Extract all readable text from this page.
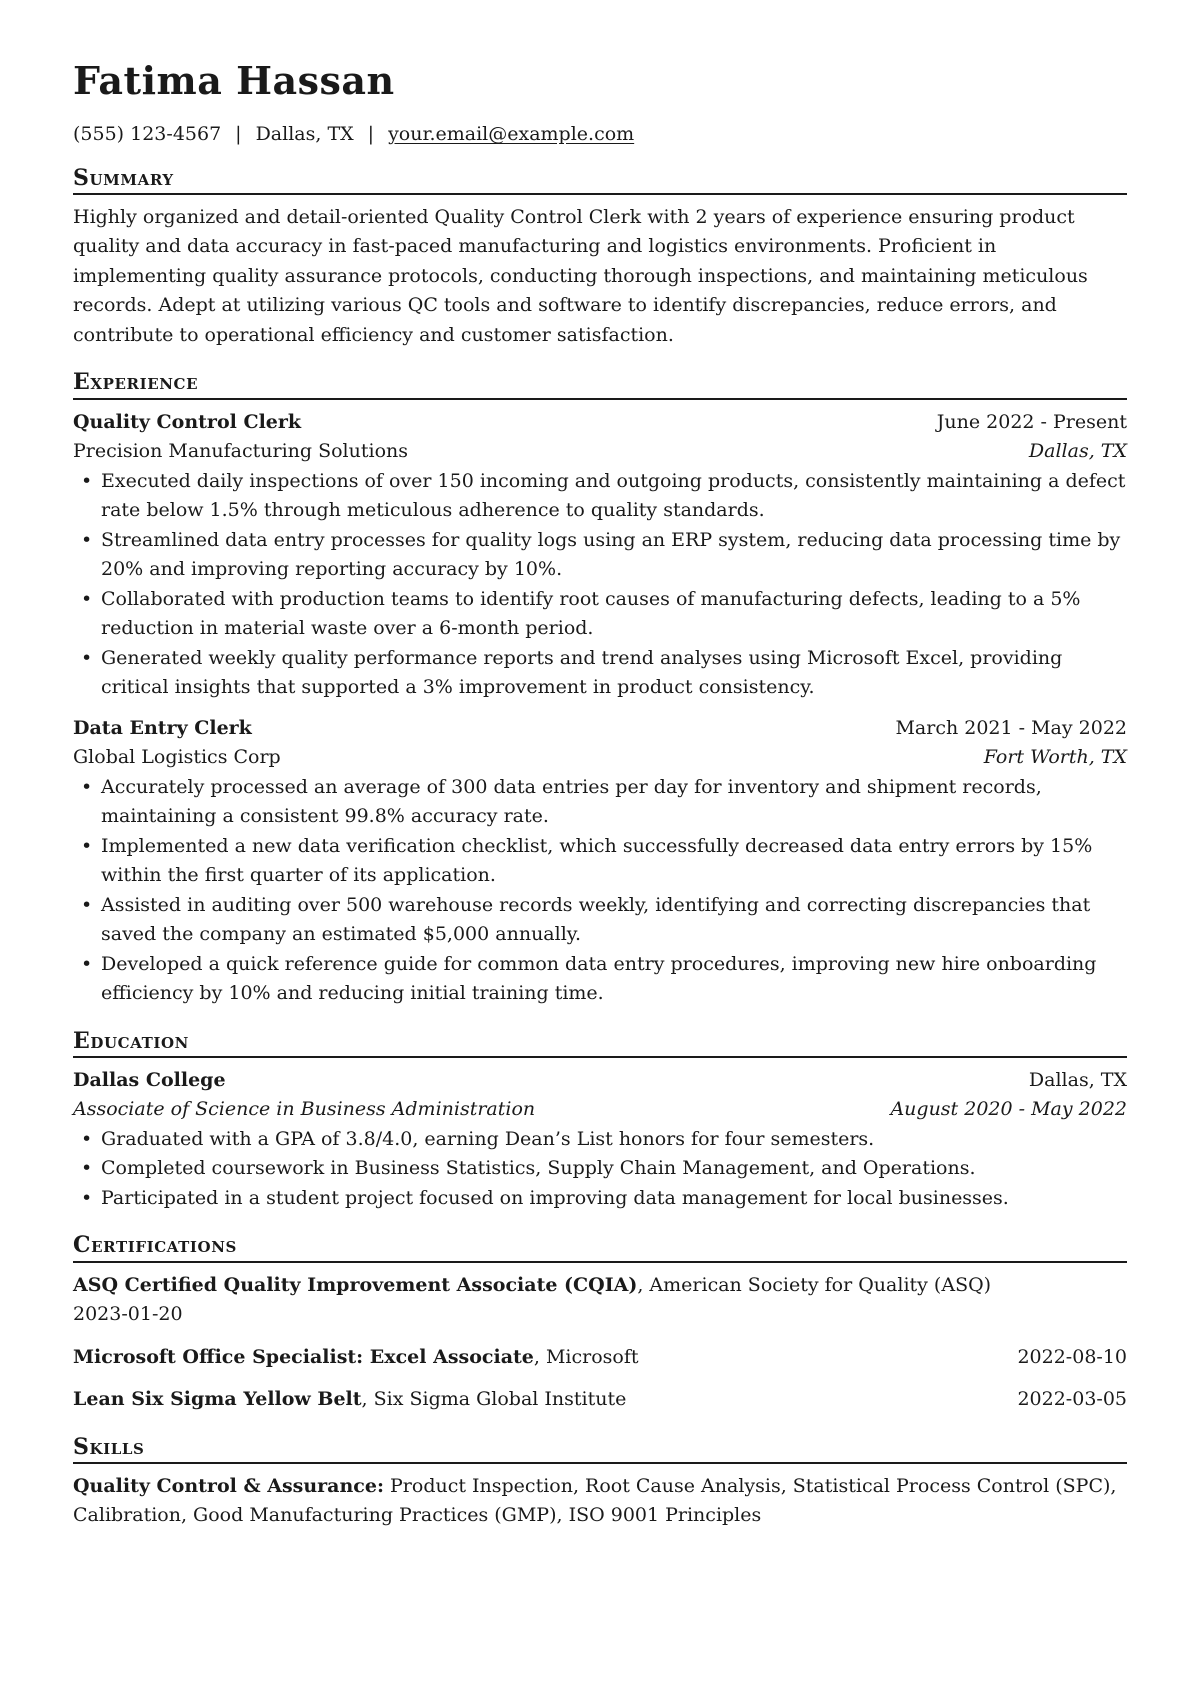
Fatima Hassan
(555) 123-4567 | Dallas, TX | your.email@example.com
Summary

Highly organized and detail-oriented Quality Control Clerk with 2 years of experience ensuring product quality and data accuracy in fast-paced manufacturing and logistics environments. Proficient in implementing quality assurance protocols, conducting thorough inspections, and maintaining meticulous records. Adept at utilizing various QC tools and software to identify discrepancies, reduce errors, and contribute to operational efficiency and customer satisfaction.

Experience
Quality Control Clerk	June 2022 - Present
Precision Manufacturing Solutions	Dallas, TX
• Executed daily inspections of over 150 incoming and outgoing products, consistently maintaining a defect rate below 1.5% through meticulous adherence to quality standards.
• Streamlined data entry processes for quality logs using an ERP system, reducing data processing time by 20% and improving reporting accuracy by 10%.
• Collaborated with production teams to identify root causes of manufacturing defects, leading to a 5% reduction in material waste over a 6-month period.
• Generated weekly quality performance reports and trend analyses using Microsoft Excel, providing critical insights that supported a 3% improvement in product consistency.
Data Entry Clerk	March 2021 - May 2022
Global Logistics Corp	Fort Worth, TX
• Accurately processed an average of 300 data entries per day for inventory and shipment records, maintaining a consistent 99.8% accuracy rate.
• Implemented a new data verification checklist, which successfully decreased data entry errors by 15% within the first quarter of its application.
• Assisted in auditing over 500 warehouse records weekly, identifying and correcting discrepancies that saved the company an estimated $5,000 annually.
• Developed a quick reference guide for common data entry procedures, improving new hire onboarding efficiency by 10% and reducing initial training time.
Education
Dallas College	Dallas, TX
Associate of Science in Business Administration	August 2020 - May 2022
• Graduated with a GPA of 3.8/4.0, earning Dean’s List honors for four semesters.
• Completed coursework in Business Statistics, Supply Chain Management, and Operations.
• Participated in a student project focused on improving data management for local businesses.
Certifications
ASQ Certified Quality Improvement Associate (CQIA), American Society for Quality (ASQ)
2023-01-20
Microsoft Office Specialist: Excel Associate, Microsoft	2022-08-10
Lean Six Sigma Yellow Belt, Six Sigma Global Institute	2022-03-05
Skills

Quality Control & Assurance: Product Inspection, Root Cause Analysis, Statistical Process Control (SPC), Calibration, Good Manufacturing Practices (GMP), ISO 9001 Principles
